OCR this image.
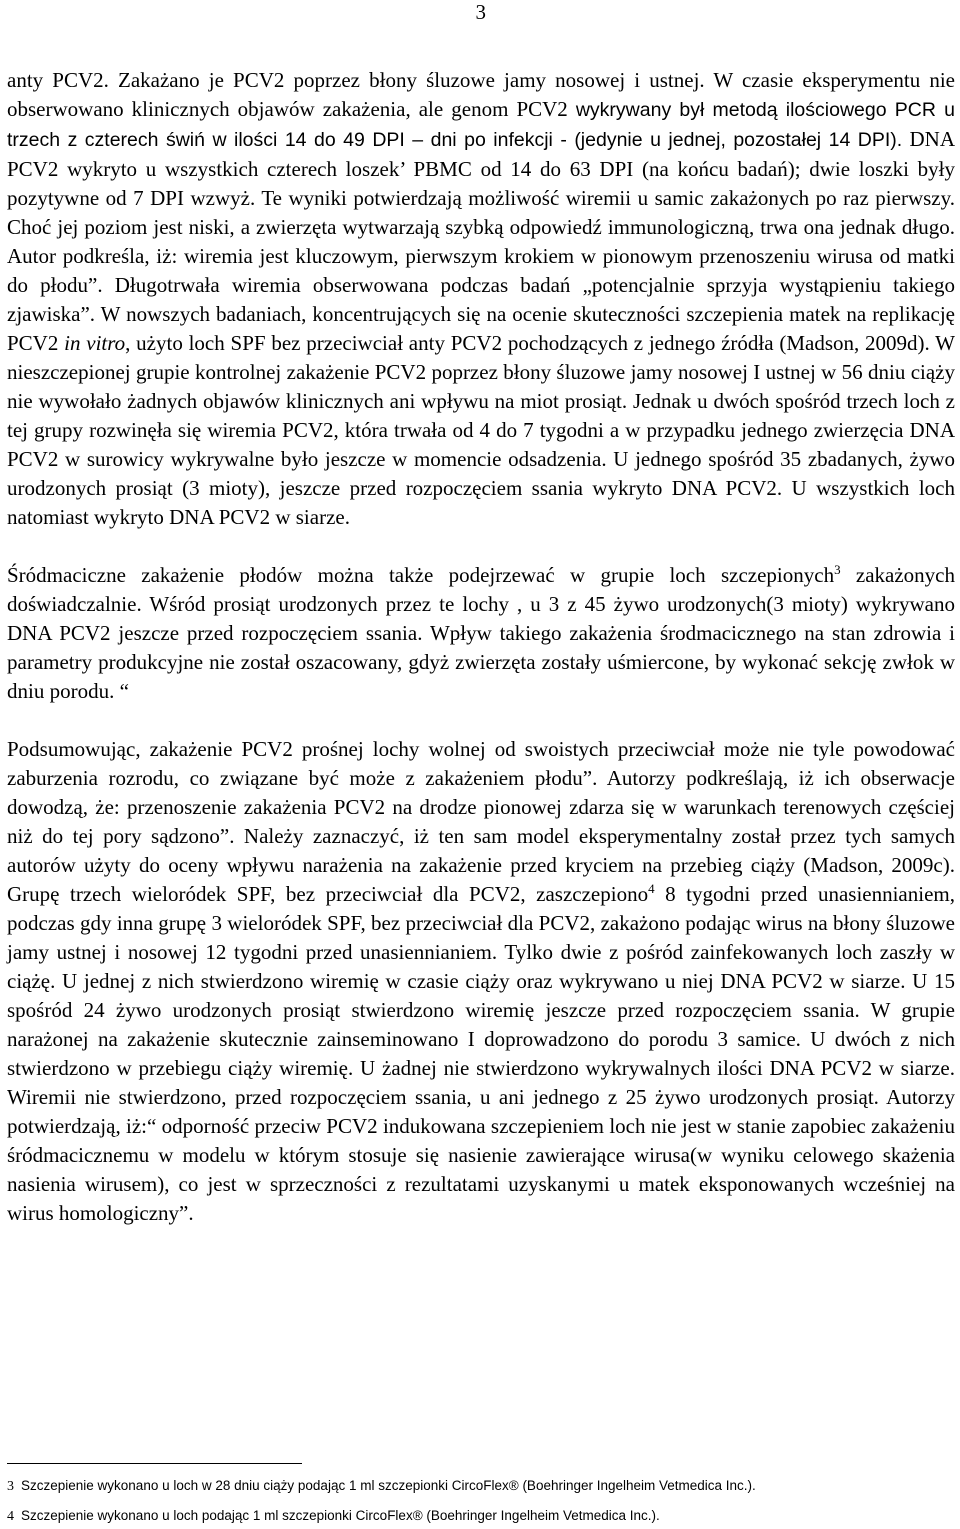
3

anty PCV2. Zakażano je PCV2 poprzez błony śluzowe jamy nosowej i ustnej. W czasie eksperymentu nie obserwowano klinicznych objawów zakażenia, ale genom PCV2 wykrywany był metodą ilościowego PCR u trzech z czterech świń w ilości 14 do 49 DPI – dni po infekcji - (jedynie u jednej, pozostałej 14 DPI). DNA PCV2 wykryto u wszystkich czterech loszek’ PBMC od 14 do 63 DPI (na końcu badań); dwie loszki były pozytywne od 7 DPI wzwyż. Te wyniki potwierdzają możliwość wiremii u samic zakażonych po raz pierwszy. Choć jej poziom jest niski, a zwierzęta wytwarzają szybką odpowiedź immunologiczną, trwa ona jednak długo. Autor podkreśla, iż: wiremia jest kluczowym, pierwszym krokiem w pionowym przenoszeniu wirusa od matki do płodu”. Długotrwała wiremia obserwowana podczas badań „potencjalnie sprzyja wystąpieniu takiego zjawiska”. W nowszych badaniach, koncentrujących się na ocenie skuteczności szczepienia matek na replikację PCV2 in vitro, użyto loch SPF bez przeciwciał anty PCV2 pochodzących z jednego źródła (Madson, 2009d). W nieszczepionej grupie kontrolnej zakażenie PCV2 poprzez błony śluzowe jamy nosowej I ustnej w 56 dniu ciąży nie wywołało żadnych objawów klinicznych ani wpływu na miot prosiąt. Jednak u dwóch spośród trzech loch z tej grupy rozwinęła się wiremia PCV2, która trwała od 4 do 7 tygodni a w przypadku jednego zwierzęcia DNA PCV2 w surowicy wykrywalne było jeszcze w momencie odsadzenia. U jednego spośród 35 zbadanych, żywo urodzonych prosiąt (3 mioty), jeszcze przed rozpoczęciem ssania wykryto DNA PCV2. U wszystkich loch natomiast wykryto DNA PCV2 w siarze.

Śródmaciczne zakażenie płodów można także podejrzewać w grupie loch szczepionych$^3$ zakażonych doświadczalnie. Wśród prosiąt urodzonych przez te lochy , u 3 z 45 żywo urodzonych(3 mioty) wykrywano DNA PCV2 jeszcze przed rozpoczęciem ssania. Wpływ takiego zakażenia środmacicznego na stan zdrowia i parametry produkcyjne nie został oszacowany, gdyż zwierzęta zostały uśmiercone, by wykonać sekcję zwłok w dniu porodu. “

Podsumowując, zakażenie PCV2 prośnej lochy wolnej od swoistych przeciwciał może nie tyle powodować zaburzenia rozrodu, co związane być może z zakażeniem płodu”. Autorzy podkreślają, iż ich obserwacje dowodzą, że: przenoszenie zakażenia PCV2 na drodze pionowej zdarza się w warunkach terenowych częściej niż do tej pory sądzono”. Należy zaznaczyć, iż ten sam model eksperymentalny został przez tych samych autorów użyty do oceny wpływu narażenia na zakażenie przed kryciem na przebieg ciąży (Madson, 2009c). Grupę trzech wieloródek SPF, bez przeciwciał dla PCV2, zaszczepiono$^4$ 8 tygodni przed unasiennianiem, podczas gdy inna grupę 3 wieloródek SPF, bez przeciwciał dla PCV2, zakażono podając wirus na błony śluzowe jamy ustnej i nosowej 12 tygodni przed unasiennianiem. Tylko dwie z pośród zainfekowanych loch zaszły w ciążę. U jednej z nich stwierdzono wiremię w czasie ciąży oraz wykrywano u niej DNA PCV2 w siarze. U 15 spośród 24 żywo urodzonych prosiąt stwierdzono wiremię jeszcze przed rozpoczęciem ssania. W grupie narażonej na zakażenie skutecznie zainseminowano I doprowadzono do porodu 3 samice. U dwóch z nich stwierdzono w przebiegu ciąży wiremię. U żadnej nie stwierdzono wykrywalnych ilości DNA PCV2 w siarze. Wiremii nie stwierdzono, przed rozpoczęciem ssania, u ani jednego z 25 żywo urodzonych prosiąt. Autorzy potwierdzają, iż:“ odporność przeciw PCV2 indukowana szczepieniem loch nie jest w stanie zapobiec zakażeniu śródmacicznemu w modelu w którym stosuje się nasienie zawierające wirusa(w wyniku celowego skażenia nasienia wirusem), co jest w sprzeczności z rezultatami uzyskanymi u matek eksponowanych wcześniej na wirus homologiczny”.

3 Szczepienie wykonano u loch w 28 dniu ciąży podając 1 ml szczepionki CircoFlex® (Boehringer Ingelheim Vetmedica Inc.).
4 Szczepienie wykonano u loch podając 1 ml szczepionki CircoFlex® (Boehringer Ingelheim Vetmedica Inc.).
